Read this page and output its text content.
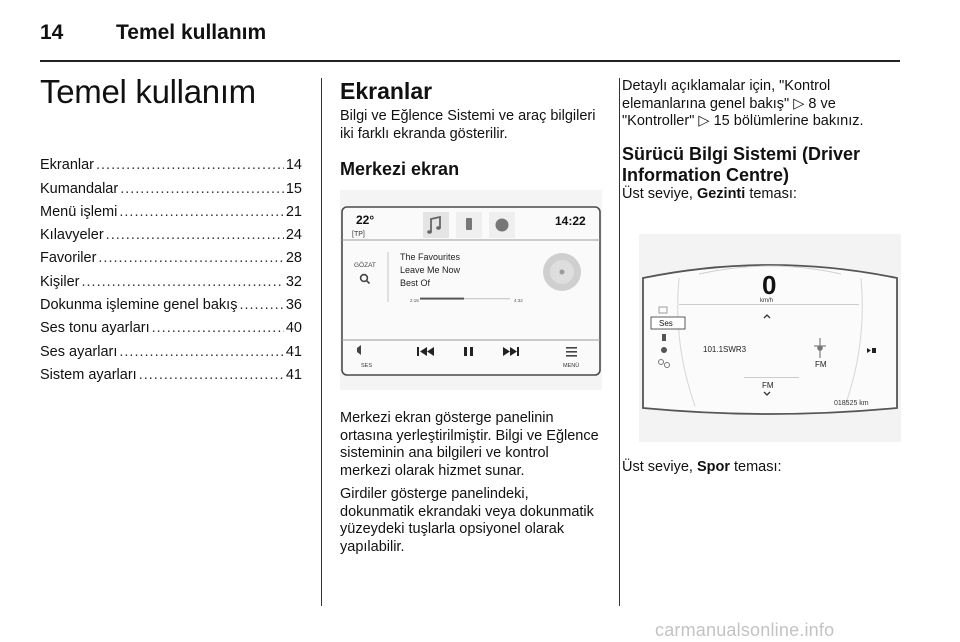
14	Temel kullanım
Temel kullanım
Ekranlar .....	14
Kumandalar .....	15
Menü işlemi .....	21
Kılavyeler .....	24
Favoriler .....	28
Kişiler .....	32
Dokunma işlemine genel bakış .....	36
Ses tonu ayarları .....	40
Ses ayarları .....	41
Sistem ayarları .....	41
Ekranlar

Bilgi ve Eğlence Sistemi ve araç bilgileri iki farklı ekranda gösterilir.

Merkezi ekran
22°
[TP]
14:22
GÖZAT
The Favourites
Leave Me Now
Best Of
2:18	4:32
SES	MENÜ

Merkezi ekran gösterge panelinin ortasına yerleştirilmiştir. Bilgi ve Eğlence sisteminin ana bilgileri ve kontrol merkezi olarak hizmet sunar.

Girdiler gösterge panelindeki, dokunmatik ekrandaki veya dokunmatik yüzeydeki tuşlarla opsiyonel olarak yapılabilir.

Detaylı açıklamalar için, "Kontrol elemanlarına genel bakış" ▷ 8 ve "Kontroller" ▷ 15 bölümlerine bakınız.

Sürücü Bilgi Sistemi (Driver Information Centre)

Üst seviye, Gezinti teması:

0
km/h
Ses
101.1SWR3
FM
FM
018525 km

Üst seviye, Spor teması:

carmanualsonline.info
